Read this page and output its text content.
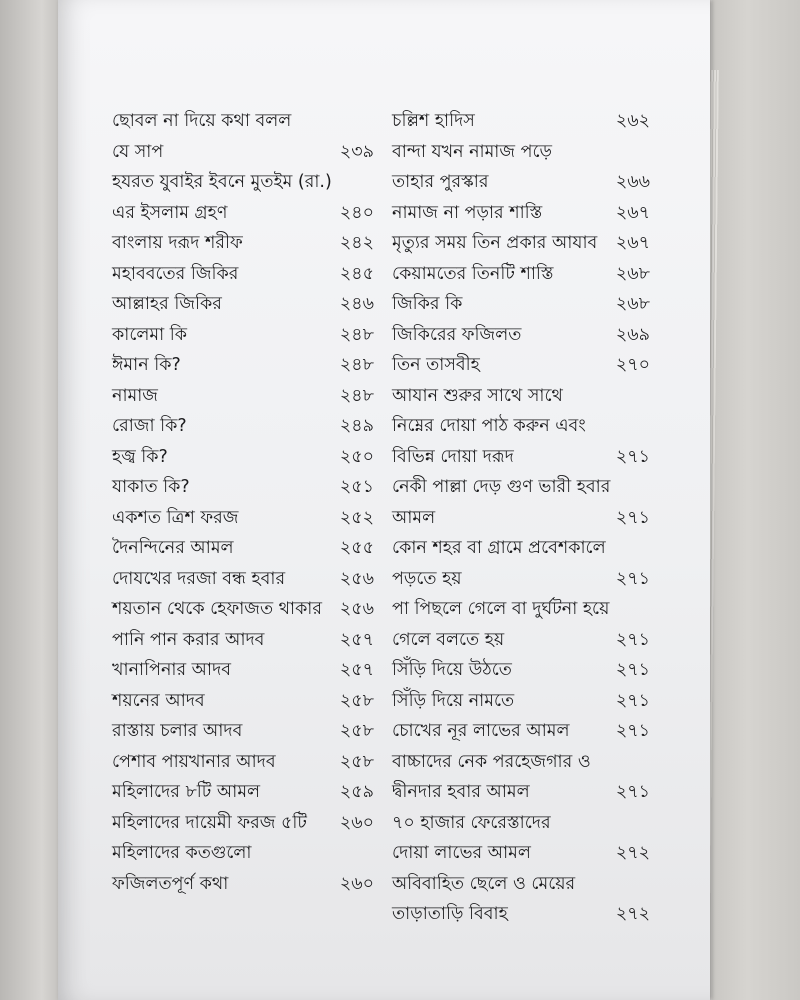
ছোবল না দিয়ে কথা বলল
যে সাপ	২৩৯
হযরত যুবাইর ইবনে মুতইম (রা.)
এর ইসলাম গ্রহণ	২৪০
বাংলায় দরূদ শরীফ	২৪২
মহাববতের জিকির	২৪৫
আল্লাহর জিকির	২৪৬
কালেমা কি	২৪৮
ঈমান কি?	২৪৮
নামাজ	২৪৮
রোজা কি?	২৪৯
হজ্ব কি?	২৫০
যাকাত কি?	২৫১
একশত ত্রিশ ফরজ	২৫২
দৈনন্দিনের আমল	২৫৫
দোযখের দরজা বন্ধ হবার	২৫৬
শয়তান থেকে হেফাজত থাকার ২৫৬
পানি পান করার আদব	২৫৭
খানাপিনার আদব	২৫৭
শয়নের আদব	২৫৮
রাস্তায় চলার আদব	২৫৮
পেশাব পায়খানার আদব	২৫৮
মহিলাদের ৮টি আমল	২৫৯
মহিলাদের দায়েমী ফরজ ৫টি ২৬০
মহিলাদের কতগুলো
ফজিলতপূর্ণ কথা	২৬০
চল্লিশ হাদিস	২৬২
বান্দা যখন নামাজ পড়ে
তাহার পুরস্কার	২৬৬
নামাজ না পড়ার শাস্তি	২৬৭
মৃত্যুর সময় তিন প্রকার আযাব ২৬৭
কেয়ামতের তিনটি শাস্তি	২৬৮
জিকির কি	২৬৮
জিকিরের ফজিলত	২৬৯
তিন তাসবীহ	২৭০
আযান শুরুর সাথে সাথে
নিম্নের দোয়া পাঠ করুন এবং
বিভিন্ন দোয়া দরূদ	২৭১
নেকী পাল্লা দেড় গুণ ভারী হবার
আমল	২৭১
কোন শহর বা গ্রামে প্রবেশকালে
পড়তে হয়	২৭১
পা পিছলে গেলে বা দুর্ঘটনা হয়ে
গেলে বলতে হয়	২৭১
সিঁড়ি দিয়ে উঠতে	২৭১
সিঁড়ি দিয়ে নামতে	২৭১
চোখের নূর লাভের আমল	২৭১
বাচ্চাদের নেক পরহেজগার ও
দ্বীনদার হবার আমল	২৭১
৭০ হাজার ফেরেস্তাদের
দোয়া লাভের আমল	২৭২
অবিবাহিত ছেলে ও মেয়ের
তাড়াতাড়ি বিবাহ	২৭২
